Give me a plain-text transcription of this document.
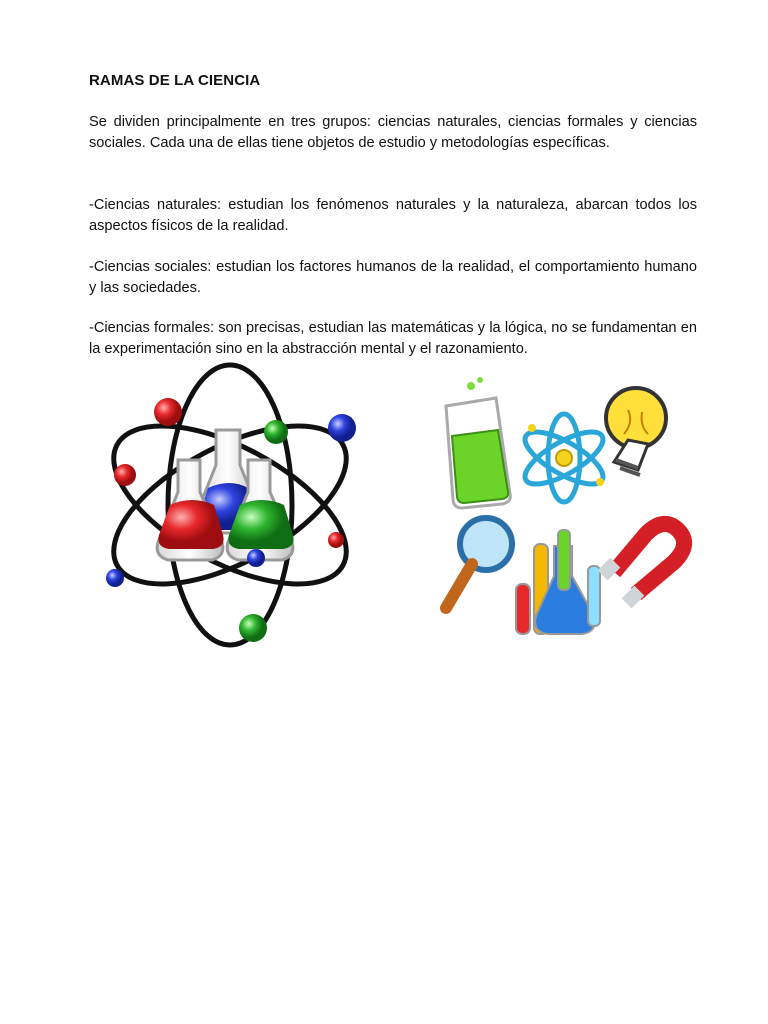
RAMAS DE LA CIENCIA
Se dividen principalmente en tres grupos: ciencias naturales, ciencias formales y ciencias sociales. Cada una de ellas tiene objetos de estudio y metodologías específicas.
-Ciencias naturales: estudian los fenómenos naturales y la naturaleza, abarcan todos los aspectos físicos de la realidad.
-Ciencias sociales: estudian los factores humanos de la realidad, el comportamiento humano y las sociedades.
-Ciencias formales: son precisas, estudian las matemáticas y la lógica, no se fundamentan en la experimentación sino en la abstracción mental y el razonamiento.
